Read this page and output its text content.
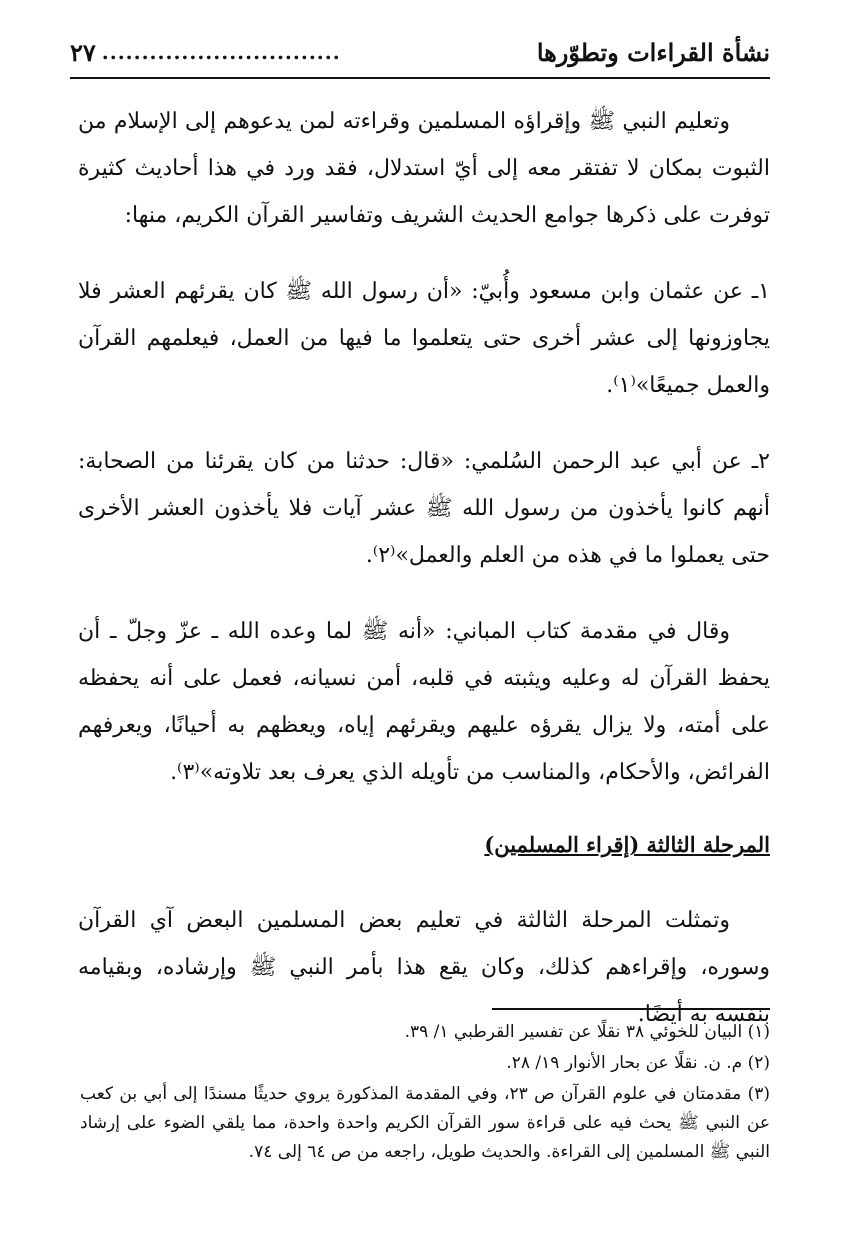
نشأة القراءات وتطوّرها
..............................
٢٧

وتعليم النبي ﷺ وإقراؤه المسلمين وقراءته لمن يدعوهم إلى الإسلام من الثبوت بمكان لا تفتقر معه إلى أيّ استدلال، فقد ورد في هذا أحاديث كثيرة توفرت على ذكرها جوامع الحديث الشريف وتفاسير القرآن الكريم، منها:

١ـ عن عثمان وابن مسعود وأُبيّ: «أن رسول الله ﷺ كان يقرئهم العشر فلا يجاوزونها إلى عشر أخرى حتى يتعلموا ما فيها من العمل، فيعلمهم القرآن والعمل جميعًا»⁽١⁾.

٢ـ عن أبي عبد الرحمن السُلمي: «قال: حدثنا من كان يقرئنا من الصحابة: أنهم كانوا يأخذون من رسول الله ﷺ عشر آيات فلا يأخذون العشر الأخرى حتى يعملوا ما في هذه من العلم والعمل»⁽٢⁾.

وقال في مقدمة كتاب المباني: «أنه ﷺ لما وعده الله ـ عزّ وجلّ ـ أن يحفظ القرآن له وعليه ويثبته في قلبه، أمن نسيانه، فعمل على أنه يحفظه على أمته، ولا يزال يقرؤه عليهم ويقرئهم إياه، ويعظهم به أحيانًا، ويعرفهم الفرائض، والأحكام، والمناسب من تأويله الذي يعرف بعد تلاوته»⁽٣⁾.

المرحلة الثالثة (إقراء المسلمين)

وتمثلت المرحلة الثالثة في تعليم بعض المسلمين البعض آي القرآن وسوره، وإقراءهم كذلك، وكان يقع هذا بأمر النبي ﷺ وإرشاده، وبقيامه بنفسه به أيضًا.

(١) البيان للخوئي ٣٨ نقلًا عن تفسير القرطبي ١/ ٣٩.

(٢) م. ن. نقلًا عن بحار الأنوار ١٩/ ٢٨.

(٣) مقدمتان في علوم القرآن ص ٢٣، وفي المقدمة المذكورة يروي حديثًا مسندًا إلى أبي بن كعب عن النبي ﷺ يحث فيه على قراءة سور القرآن الكريم واحدة واحدة، مما يلقي الضوء على إرشاد النبي ﷺ المسلمين إلى القراءة. والحديث طويل، راجعه من ص ٦٤ إلى ٧٤.
